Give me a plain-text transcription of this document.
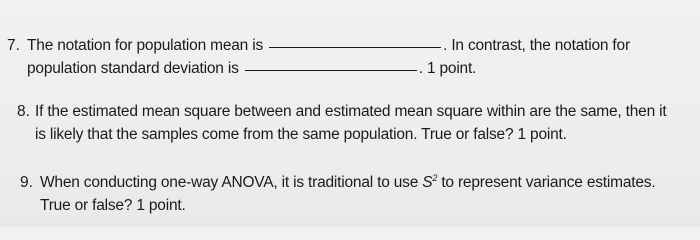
7. The notation for population mean is	. In contrast, the notation for
population standard deviation is	. 1 point.
8. If the estimated mean square between and estimated mean square within are the same, then it
is likely that the samples come from the same population. True or false? 1 point.
9. When conducting one-way ANOVA, it is traditional to use $S^2$ to represent variance estimates.
True or false? 1 point.
